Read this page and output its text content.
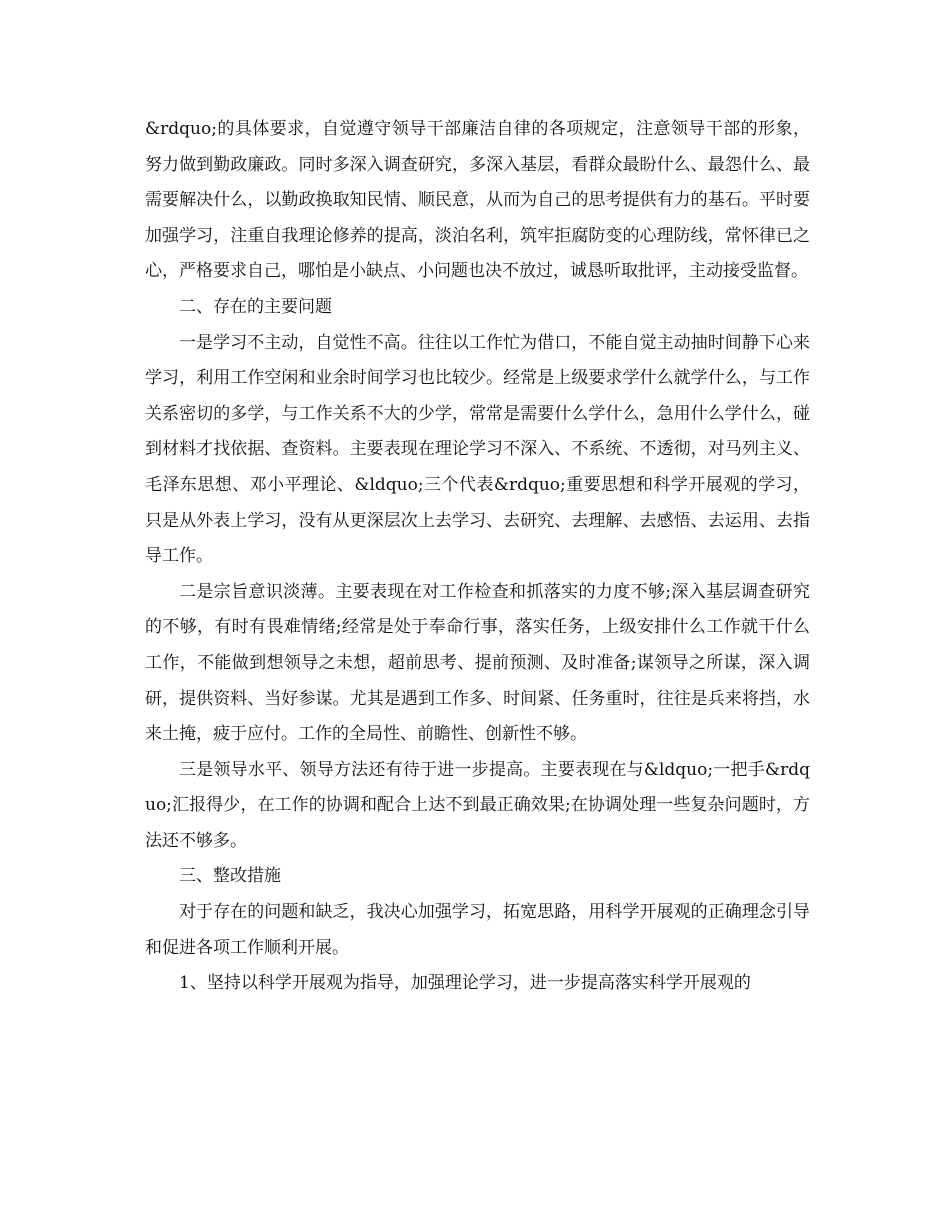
&rdquo;的具体要求，自觉遵守领导干部廉洁自律的各项规定，注意领导干部的形象，努力做到勤政廉政。同时多深入调查研究，多深入基层，看群众最盼什么、最怨什么、最需要解决什么，以勤政换取知民情、顺民意，从而为自己的思考提供有力的基石。平时要加强学习，注重自我理论修养的提高，淡泊名利，筑牢拒腐防变的心理防线，常怀律已之心，严格要求自己，哪怕是小缺点、小问题也决不放过，诚恳听取批评，主动接受监督。

二、存在的主要问题

一是学习不主动，自觉性不高。往往以工作忙为借口，不能自觉主动抽时间静下心来学习，利用工作空闲和业余时间学习也比较少。经常是上级要求学什么就学什么，与工作关系密切的多学，与工作关系不大的少学，常常是需要什么学什么，急用什么学什么，碰到材料才找依据、查资料。主要表现在理论学习不深入、不系统、不透彻，对马列主义、毛泽东思想、邓小平理论、&ldquo;三个代表&rdquo;重要思想和科学开展观的学习，只是从外表上学习，没有从更深层次上去学习、去研究、去理解、去感悟、去运用、去指导工作。

二是宗旨意识淡薄。主要表现在对工作检查和抓落实的力度不够;深入基层调查研究的不够，有时有畏难情绪;经常是处于奉命行事，落实任务，上级安排什么工作就干什么工作，不能做到想领导之未想，超前思考、提前预测、及时准备;谋领导之所谋，深入调研，提供资料、当好参谋。尤其是遇到工作多、时间紧、任务重时，往往是兵来将挡，水来土掩，疲于应付。工作的全局性、前瞻性、创新性不够。

三是领导水平、领导方法还有待于进一步提高。主要表现在与&ldquo;一把手&rdquo;汇报得少，在工作的协调和配合上达不到最正确效果;在协调处理一些复杂问题时，方法还不够多。

三、整改措施

对于存在的问题和缺乏，我决心加强学习，拓宽思路，用科学开展观的正确理念引导和促进各项工作顺利开展。

1、坚持以科学开展观为指导，加强理论学习，进一步提高落实科学开展观的
